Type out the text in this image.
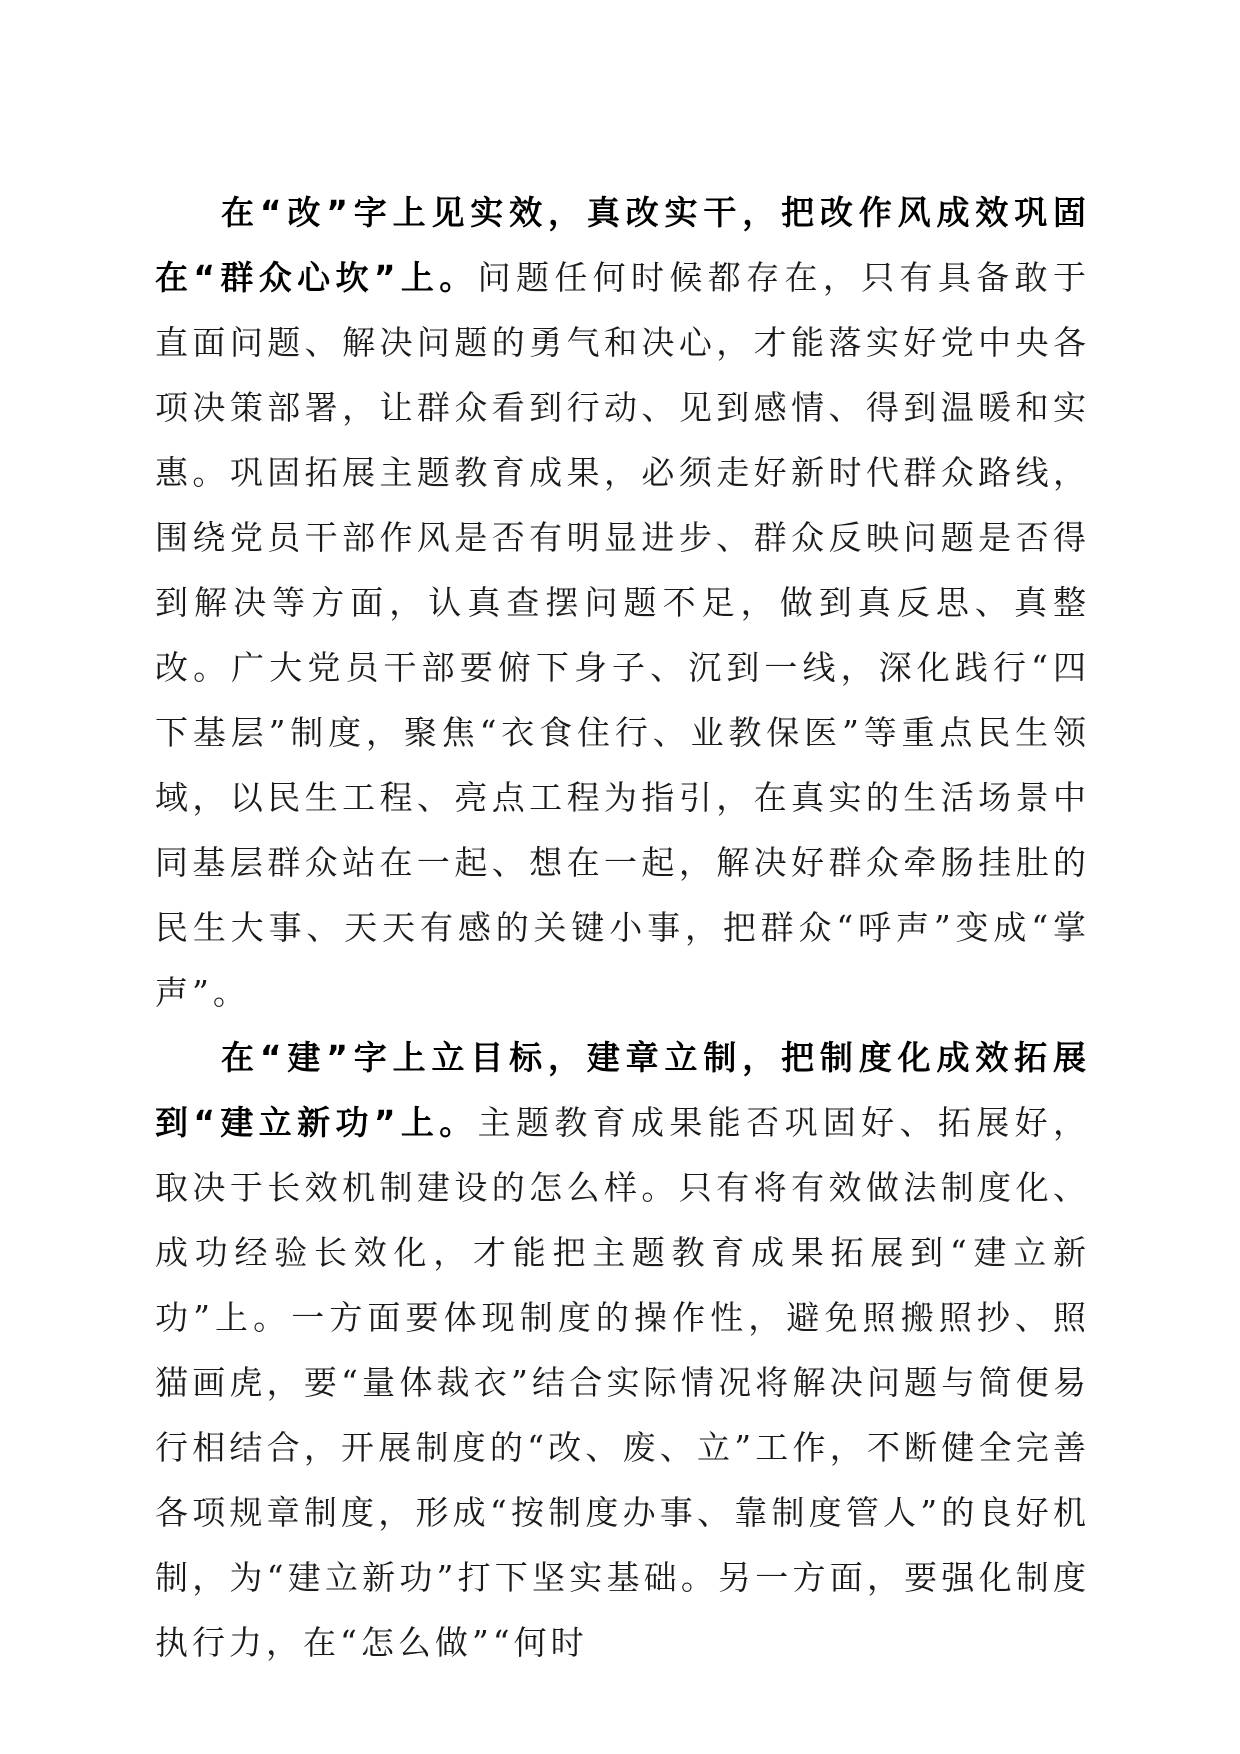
在“改”字上见实效，真改实干，把改作风成效巩固在“群众心坎”上。问题任何时候都存在，只有具备敢于直面问题、解决问题的勇气和决心，才能落实好党中央各项决策部署，让群众看到行动、见到感情、得到温暖和实惠。巩固拓展主题教育成果，必须走好新时代群众路线，围绕党员干部作风是否有明显进步、群众反映问题是否得到解决等方面，认真查摆问题不足，做到真反思、真整改。广大党员干部要俯下身子、沉到一线，深化践行“四下基层”制度，聚焦“衣食住行、业教保医”等重点民生领域，以民生工程、亮点工程为指引，在真实的生活场景中同基层群众站在一起、想在一起，解决好群众牵肠挂肚的民生大事、天天有感的关键小事，把群众“呼声”变成“掌声”。

在“建”字上立目标，建章立制，把制度化成效拓展到“建立新功”上。主题教育成果能否巩固好、拓展好，取决于长效机制建设的怎么样。只有将有效做法制度化、成功经验长效化，才能把主题教育成果拓展到“建立新功”上。一方面要体现制度的操作性，避免照搬照抄、照猫画虎，要“量体裁衣”结合实际情况将解决问题与简便易行相结合，开展制度的“改、废、立”工作，不断健全完善各项规章制度，形成“按制度办事、靠制度管人”的良好机制，为“建立新功”打下坚实基础。另一方面，要强化制度执行力，在“怎么做”“何时
